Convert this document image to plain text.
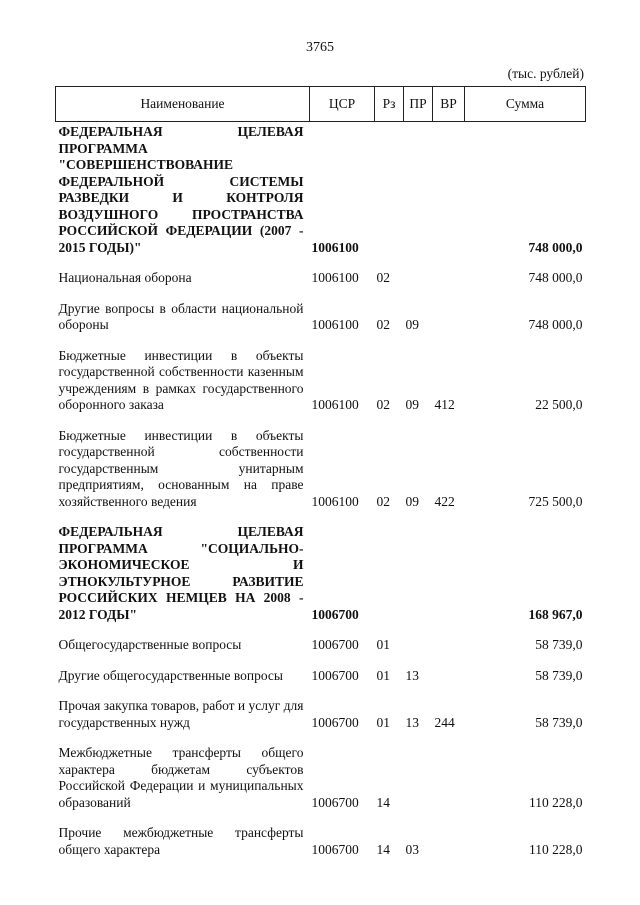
3765
(тыс. рублей)
Наименование	ЦСР	Рз	ПР	ВР	Сумма
ФЕДЕРАЛЬНАЯ ЦЕЛЕВАЯ ПРОГРАММА "СОВЕРШЕНСТВОВАНИЕ ФЕДЕРАЛЬНОЙ СИСТЕМЫ РАЗВЕДКИ И КОНТРОЛЯ ВОЗДУШНОГО ПРОСТРАНСТВА РОССИЙСКОЙ ФЕДЕРАЦИИ (2007 - 2015 ГОДЫ)"	1006100				748 000,0
Национальная оборона	1006100	02			748 000,0
Другие вопросы в области национальной обороны	1006100	02	09		748 000,0
Бюджетные инвестиции в объекты государственной собственности казенным учреждениям в рамках государственного оборонного заказа	1006100	02	09	412	22 500,0
Бюджетные инвестиции в объекты государственной собственности государственным унитарным предприятиям, основанным на праве хозяйственного ведения	1006100	02	09	422	725 500,0
ФЕДЕРАЛЬНАЯ ЦЕЛЕВАЯ ПРОГРАММА "СОЦИАЛЬНО-ЭКОНОМИЧЕСКОЕ И ЭТНОКУЛЬТУРНОЕ РАЗВИТИЕ РОССИЙСКИХ НЕМЦЕВ НА 2008 - 2012 ГОДЫ"	1006700				168 967,0
Общегосударственные вопросы	1006700	01			58 739,0
Другие общегосударственные вопросы	1006700	01	13		58 739,0
Прочая закупка товаров, работ и услуг для государственных нужд	1006700	01	13	244	58 739,0
Межбюджетные трансферты общего характера бюджетам субъектов Российской Федерации и муниципальных образований	1006700	14			110 228,0
Прочие межбюджетные трансферты общего характера	1006700	14	03		110 228,0
